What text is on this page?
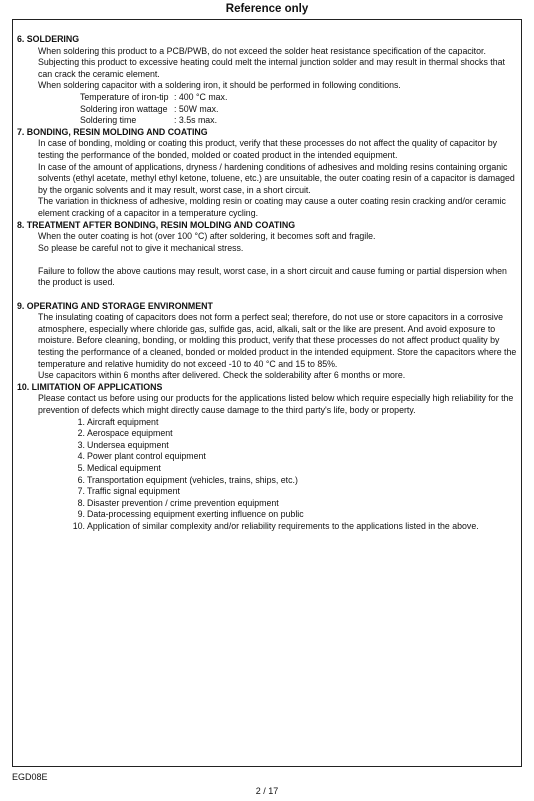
Reference only

6. SOLDERING

When soldering this product to a PCB/PWB, do not exceed the solder heat resistance specification of the capacitor. Subjecting this product to excessive heating could melt the internal junction solder and may result in thermal shocks that can crack the ceramic element.

When soldering capacitor with a soldering iron, it should be performed in following conditions.

Temperature of iron-tip : 400 °C max.
Soldering iron wattage : 50W max.
Soldering time	: 3.5s max.

7. BONDING, RESIN MOLDING AND COATING

In case of bonding, molding or coating this product, verify that these processes do not affect the quality of capacitor by testing the performance of the bonded, molded or coated product in the intended equipment.

In case of the amount of applications, dryness / hardening conditions of adhesives and molding resins containing organic solvents (ethyl acetate, methyl ethyl ketone, toluene, etc.) are unsuitable, the outer coating resin of a capacitor is damaged by the organic solvents and it may result, worst case, in a short circuit.

The variation in thickness of adhesive, molding resin or coating may cause a outer coating resin cracking and/or ceramic element cracking of a capacitor in a temperature cycling.

8. TREATMENT AFTER BONDING, RESIN MOLDING AND COATING

When the outer coating is hot (over 100 °C) after soldering, it becomes soft and fragile.

So please be careful not to give it mechanical stress.

Failure to follow the above cautions may result, worst case, in a short circuit and cause fuming or partial dispersion when the product is used.

9. OPERATING AND STORAGE ENVIRONMENT

The insulating coating of capacitors does not form a perfect seal; therefore, do not use or store capacitors in a corrosive atmosphere, especially where chloride gas, sulfide gas, acid, alkali, salt or the like are present. And avoid exposure to moisture. Before cleaning, bonding, or molding this product, verify that these processes do not affect product quality by testing the performance of a cleaned, bonded or molded product in the intended equipment. Store the capacitors where the temperature and relative humidity do not exceed -10 to 40 °C and 15 to 85%.

Use capacitors within 6 months after delivered. Check the solderability after 6 months or more.

10. LIMITATION OF APPLICATIONS

Please contact us before using our products for the applications listed below which require especially high reliability for the prevention of defects which might directly cause damage to the third party's life, body or property.

1. Aircraft equipment
2. Aerospace equipment
3. Undersea equipment
4. Power plant control equipment
5. Medical equipment
6. Transportation equipment (vehicles, trains, ships, etc.)
7. Traffic signal equipment
8. Disaster prevention / crime prevention equipment
9. Data-processing equipment exerting influence on public
10. Application of similar complexity and/or reliability requirements to the applications listed in the above.
EGD08E
2 / 17
